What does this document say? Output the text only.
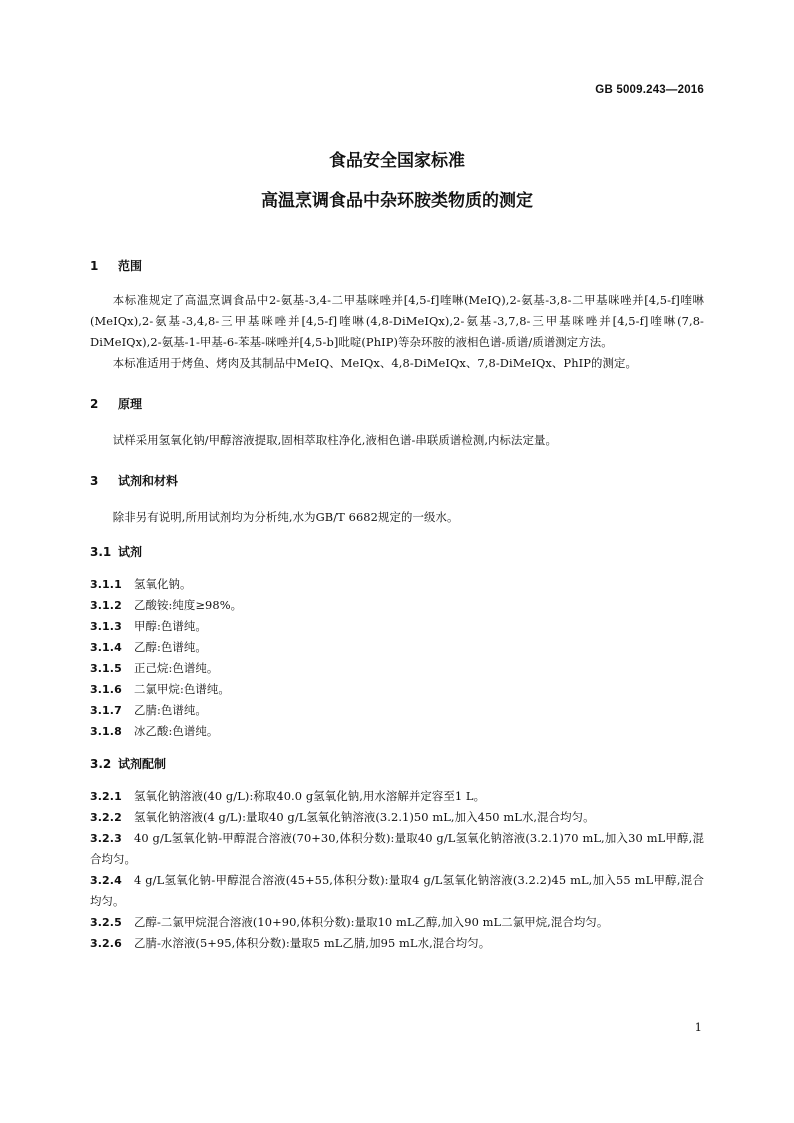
GB 5009.243—2016
食品安全国家标准
高温烹调食品中杂环胺类物质的测定
1 范围
本标准规定了高温烹调食品中2-氨基-3,4-二甲基咪唑并[4,5-f]喹啉(MeIQ),2-氨基-3,8-二甲基咪唑并[4,5-f]喹啉(MeIQx),2-氨基-3,4,8-三甲基咪唑并[4,5-f]喹啉(4,8-DiMeIQx),2-氨基-3,7,8-三甲基咪唑并[4,5-f]喹啉(7,8-DiMeIQx),2-氨基-1-甲基-6-苯基-咪唑并[4,5-b]吡啶(PhIP)等杂环胺的液相色谱-质谱/质谱测定方法。
本标准适用于烤鱼、烤肉及其制品中MeIQ、MeIQx、4,8-DiMeIQx、7,8-DiMeIQx、PhIP的测定。
2 原理
试样采用氢氧化钠/甲醇溶液提取,固相萃取柱净化,液相色谱-串联质谱检测,内标法定量。
3 试剂和材料
除非另有说明,所用试剂均为分析纯,水为GB/T 6682规定的一级水。
3.1 试剂
3.1.1 氢氧化钠。
3.1.2 乙酸铵:纯度≥98%。
3.1.3 甲醇:色谱纯。
3.1.4 乙醇:色谱纯。
3.1.5 正己烷:色谱纯。
3.1.6 二氯甲烷:色谱纯。
3.1.7 乙腈:色谱纯。
3.1.8 冰乙酸:色谱纯。
3.2 试剂配制
3.2.1 氢氧化钠溶液(40 g/L):称取40.0 g氢氧化钠,用水溶解并定容至1 L。
3.2.2 氢氧化钠溶液(4 g/L):量取40 g/L氢氧化钠溶液(3.2.1)50 mL,加入450 mL水,混合均匀。
3.2.3 40 g/L氢氧化钠-甲醇混合溶液(70+30,体积分数):量取40 g/L氢氧化钠溶液(3.2.1)70 mL,加入30 mL甲醇,混合均匀。
3.2.4 4 g/L氢氧化钠-甲醇混合溶液(45+55,体积分数):量取4 g/L氢氧化钠溶液(3.2.2)45 mL,加入55 mL甲醇,混合均匀。
3.2.5 乙醇-二氯甲烷混合溶液(10+90,体积分数):量取10 mL乙醇,加入90 mL二氯甲烷,混合均匀。
3.2.6 乙腈-水溶液(5+95,体积分数):量取5 mL乙腈,加95 mL水,混合均匀。
1
